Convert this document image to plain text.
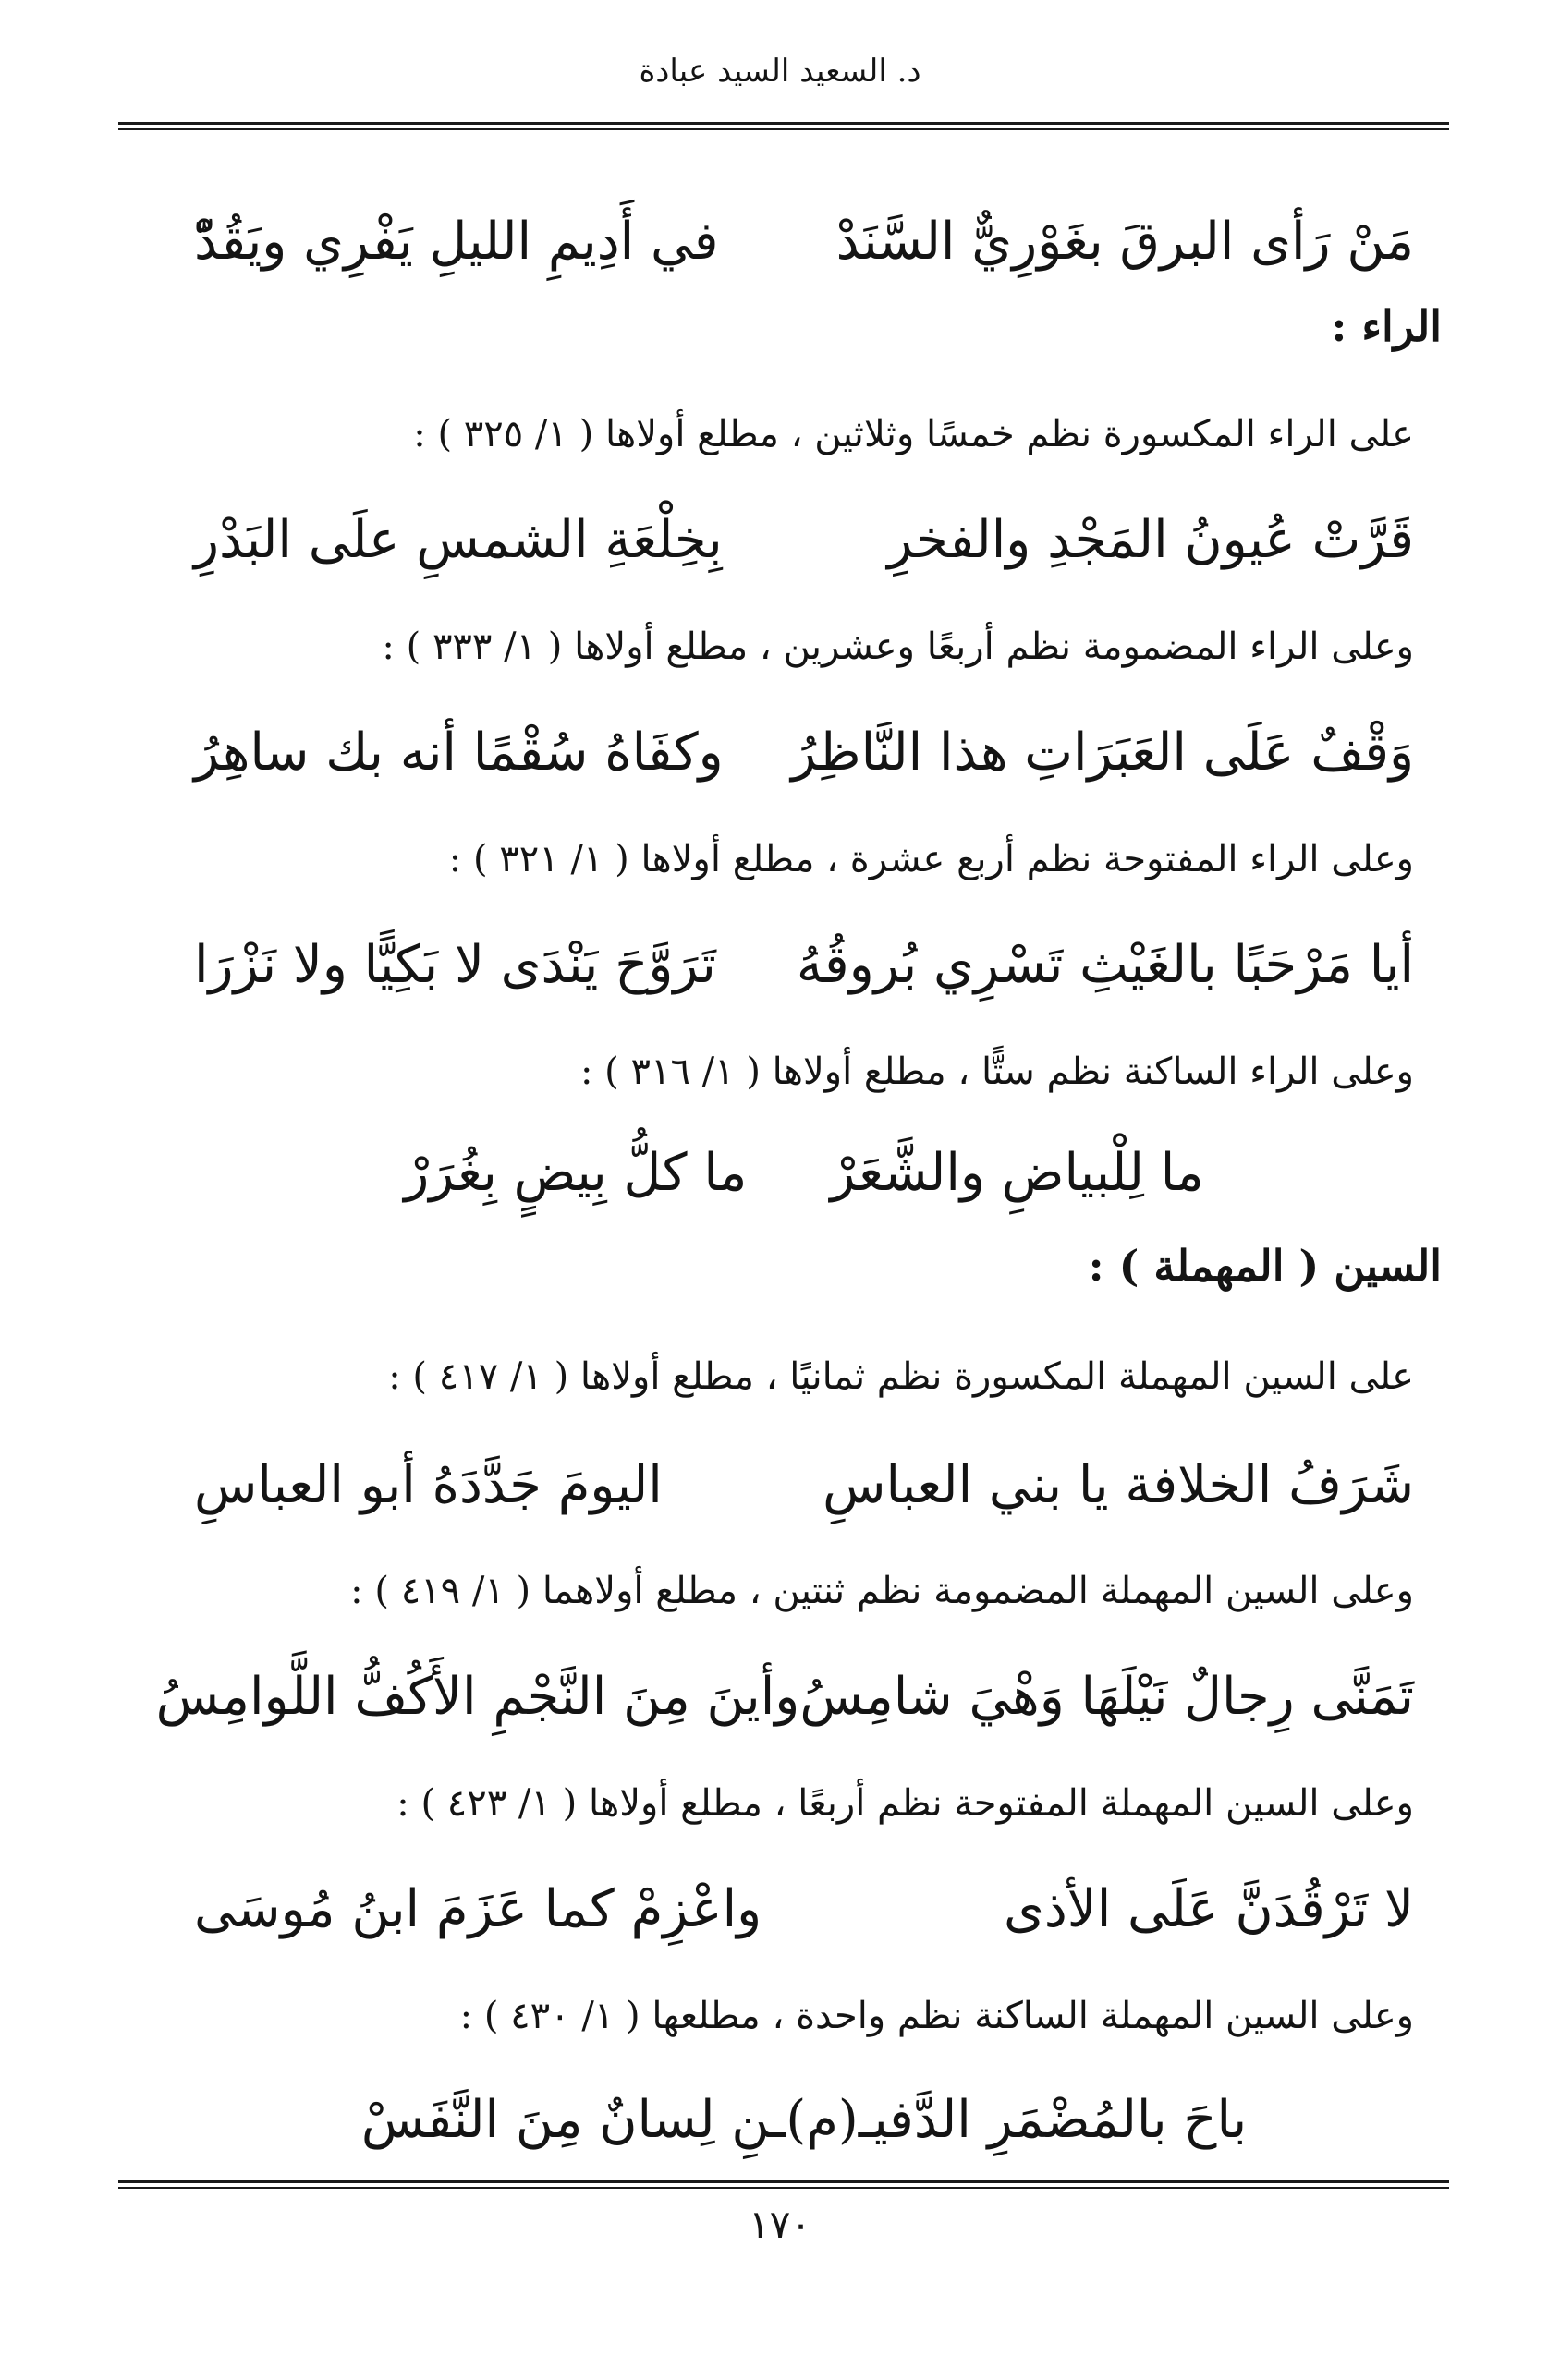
د. السعيد السيد عبادة
مَنْ رَأى البرقَ بغَوْرِيٌّ السَّنَدْ
في أَدِيمِ الليلِ يَفْرِي ويَقُدّْ
الراء :
على الراء المكسورة نظم خمسًا وثلاثين ، مطلع أولاها ( ١/ ٣٢٥ ) :
قَرَّتْ عُيونُ المَجْدِ والفخرِ
بِخِلْعَةِ الشمسِ علَى البَدْرِ
وعلى الراء المضمومة نظم أربعًا وعشرين ، مطلع أولاها ( ١/ ٣٣٣ ) :
وَقْفٌ عَلَى العَبَرَاتِ هذا النَّاظِرُ
وكفَاهُ سُقْمًا أنه بك ساهِرُ
وعلى الراء المفتوحة نظم أربع عشرة ، مطلع أولاها ( ١/ ٣٢١ ) :
أيا مَرْحَبًا بالغَيْثِ تَسْرِي بُروقُهُ
تَرَوَّحَ يَنْدَى لا بَكِيًّا ولا نَزْرَا
وعلى الراء الساكنة نظم ستًّا ، مطلع أولاها ( ١/ ٣١٦ ) :
ما لِلْبياضِ والشَّعَرْ
ما كلُّ بِيضٍ بِغُرَرْ
السين ( المهملة ) :
على السين المهملة المكسورة نظم ثمانيًا ، مطلع أولاها ( ١/ ٤١٧ ) :
شَرَفُ الخلافة يا بني العباسِ
اليومَ جَدَّدَهُ أبو العباسِ
وعلى السين المهملة المضمومة نظم ثنتين ، مطلع أولاهما ( ١/ ٤١٩ ) :
تَمَنَّى رِجالٌ نَيْلَهَا وَهْيَ شامِسُ
وأينَ مِنَ النَّجْمِ الأَكُفُّ اللَّوامِسُ
وعلى السين المهملة المفتوحة نظم أربعًا ، مطلع أولاها ( ١/ ٤٢٣ ) :
لا تَرْقُدَنَّ عَلَى الأذى
واعْزِمْ كما عَزَمَ ابنُ مُوسَى
وعلى السين المهملة الساكنة نظم واحدة ، مطلعها ( ١/ ٤٣٠ ) :
باحَ بالمُضْمَرِ الدَّفيـ(م)ـنِ لِسانٌ مِنَ النَّفَسْ
١٧٠
